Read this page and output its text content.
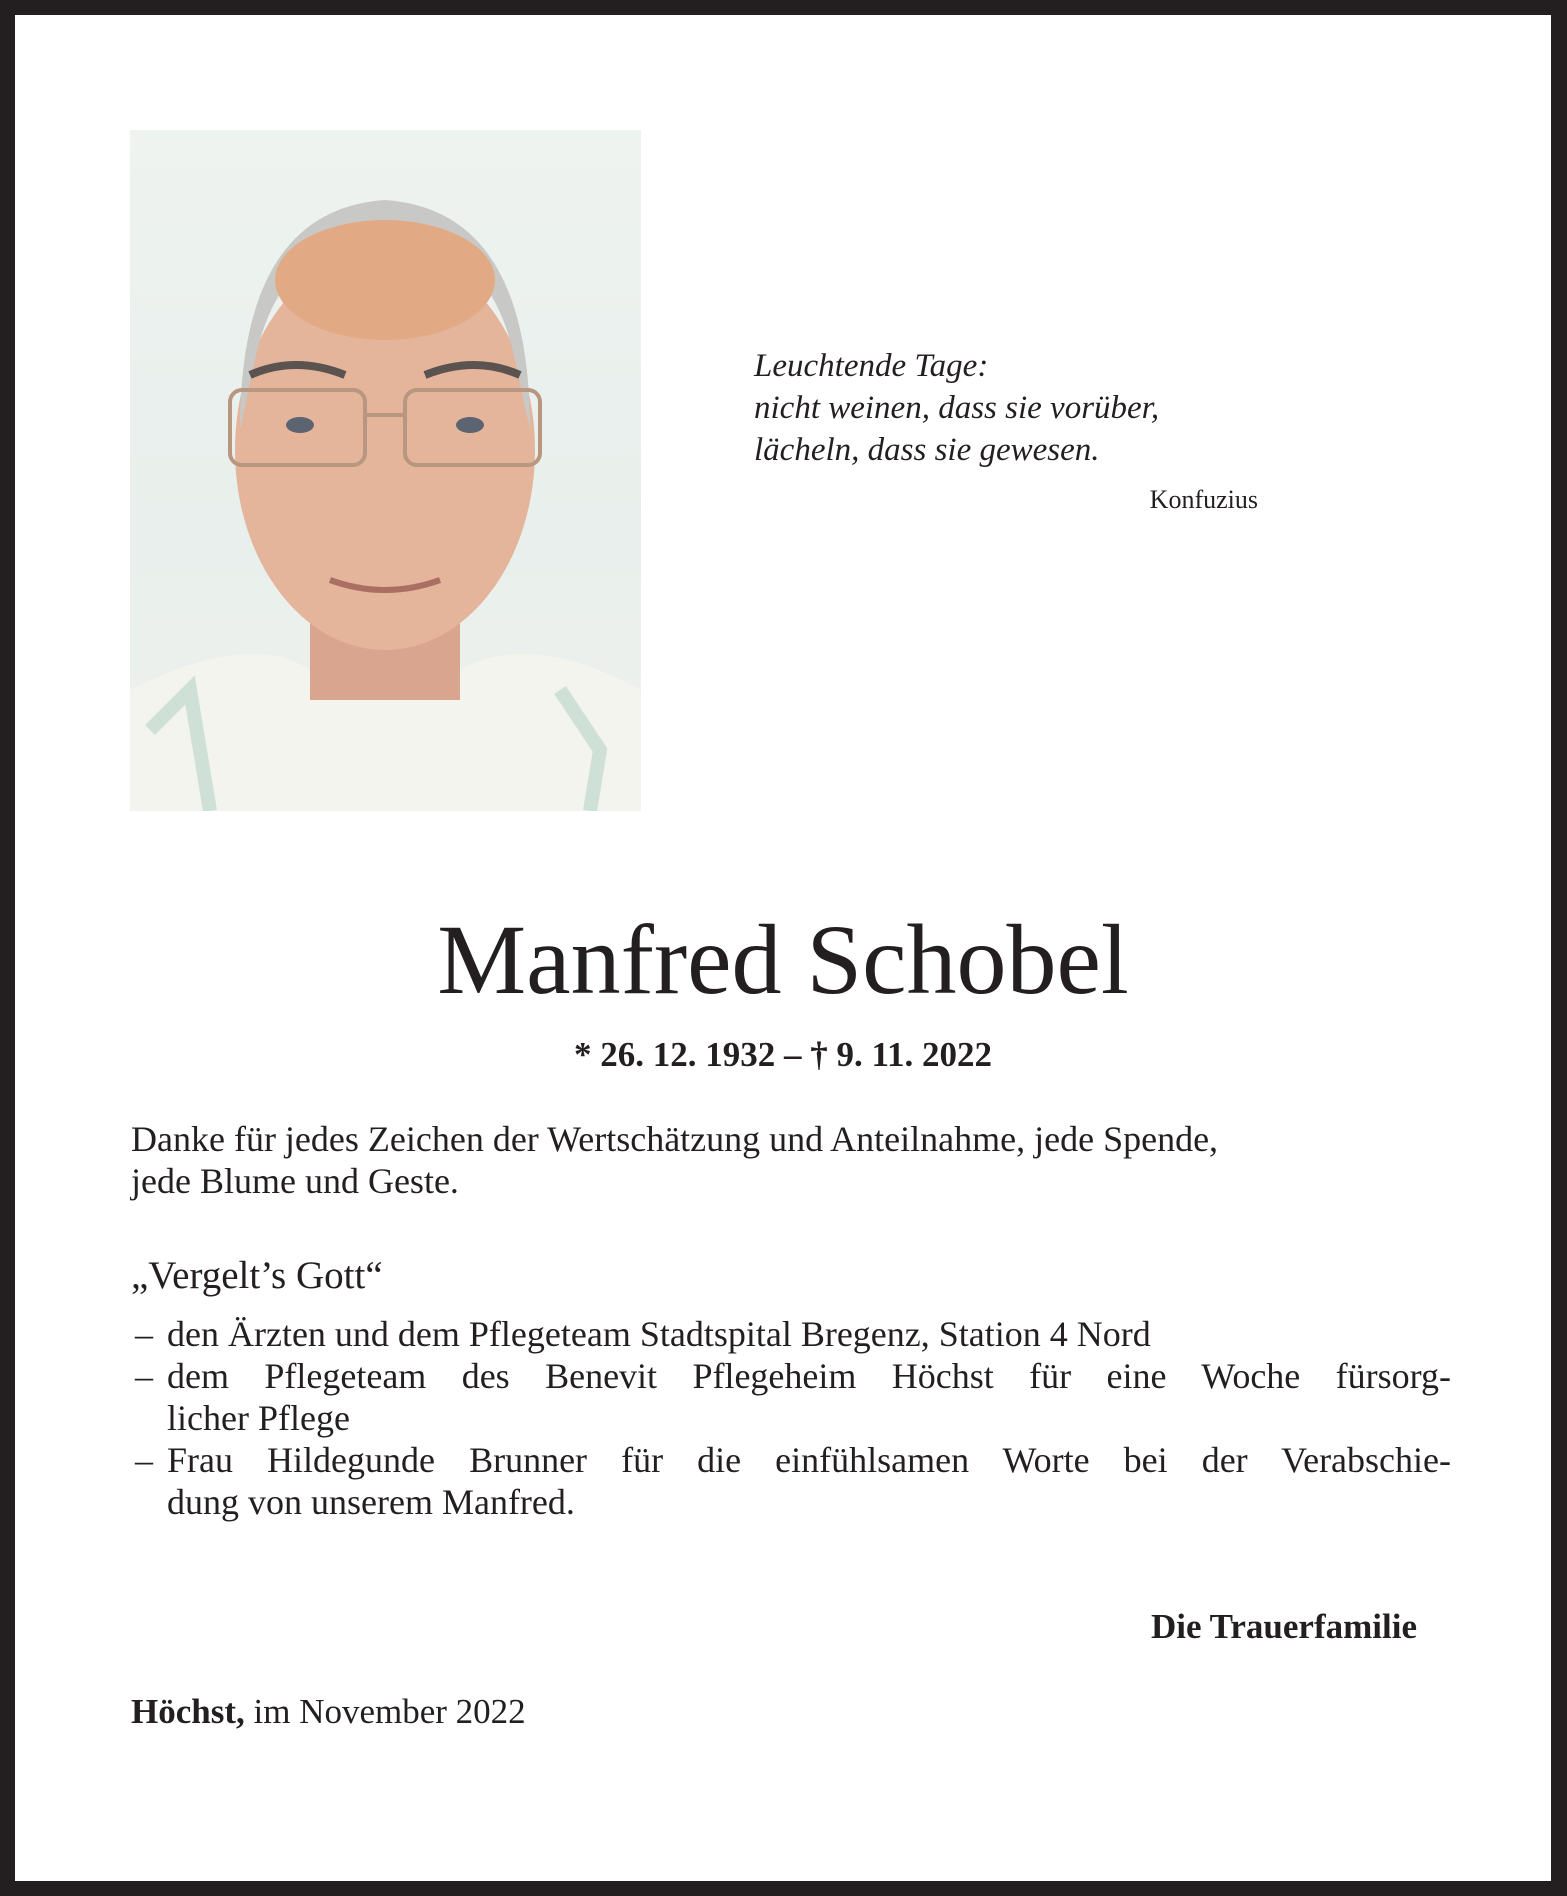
Leuchtende Tage:
nicht weinen, dass sie vorüber,
lächeln, dass sie gewesen.
Konfuzius
Manfred Schobel
* 26. 12. 1932 – † 9. 11. 2022
Danke für jedes Zeichen der Wertschätzung und Anteilnahme, jede Spende,
jede Blume und Geste.
„Vergelt’s Gott“
– den Ärzten und dem Pflegeteam Stadtspital Bregenz, Station 4 Nord
– dem Pflegeteam des Benevit Pflegeheim Höchst für eine Woche fürsorg-
licher Pflege
– Frau Hildegunde Brunner für die einfühlsamen Worte bei der Verabschie-
dung von unserem Manfred.
Die Trauerfamilie
Höchst, im November 2022
